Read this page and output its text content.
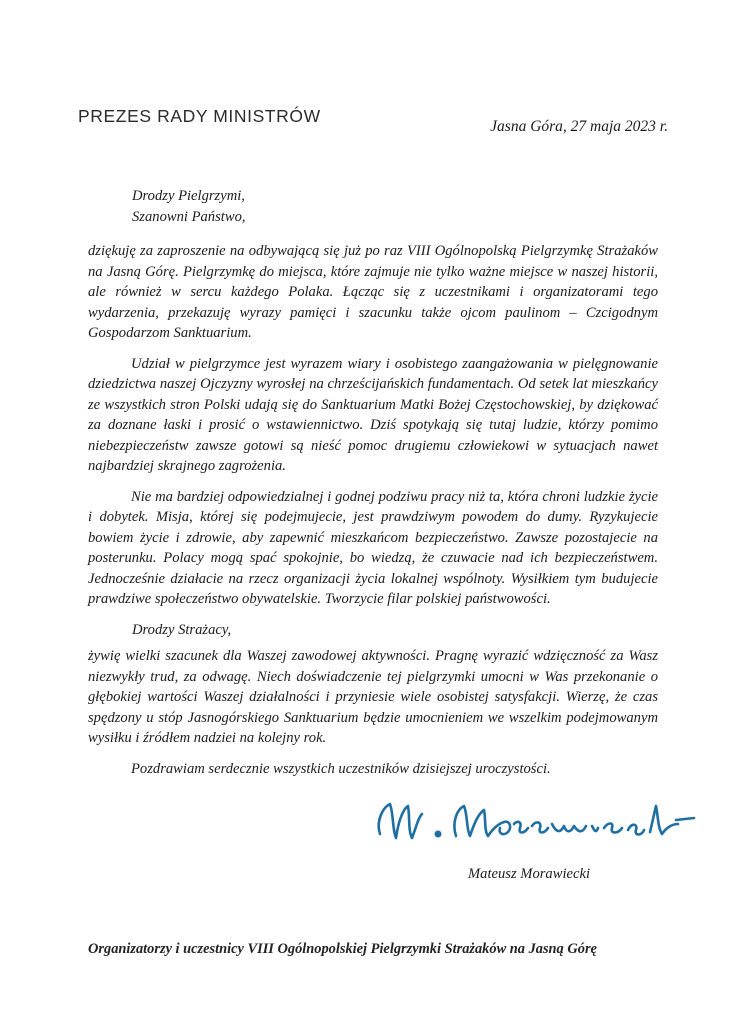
PREZES RADY MINISTRÓW
Jasna Góra, 27 maja 2023 r.

Drodzy Pielgrzymi,

Szanowni Państwo,

dziękuję za zaproszenie na odbywającą się już po raz VIII Ogólnopolską Pielgrzymkę Strażaków na Jasną Górę. Pielgrzymkę do miejsca, które zajmuje nie tylko ważne miejsce w naszej historii, ale również w sercu każdego Polaka. Łącząc się z uczestnikami i organizatorami tego wydarzenia, przekazuję wyrazy pamięci i szacunku także ojcom paulinom – Czcigodnym Gospodarzom Sanktuarium.

Udział w pielgrzymce jest wyrazem wiary i osobistego zaangażowania w pielęgnowanie dziedzictwa naszej Ojczyzny wyrosłej na chrześcijańskich fundamentach. Od setek lat mieszkańcy ze wszystkich stron Polski udają się do Sanktuarium Matki Bożej Częstochowskiej, by dziękować za doznane łaski i prosić o wstawiennictwo. Dziś spotykają się tutaj ludzie, którzy pomimo niebezpieczeństw zawsze gotowi są nieść pomoc drugiemu człowiekowi w sytuacjach nawet najbardziej skrajnego zagrożenia.

Nie ma bardziej odpowiedzialnej i godnej podziwu pracy niż ta, która chroni ludzkie życie i dobytek. Misja, której się podejmujecie, jest prawdziwym powodem do dumy. Ryzykujecie bowiem życie i zdrowie, aby zapewnić mieszkańcom bezpieczeństwo. Zawsze pozostajecie na posterunku. Polacy mogą spać spokojnie, bo wiedzą, że czuwacie nad ich bezpieczeństwem. Jednocześnie działacie na rzecz organizacji życia lokalnej wspólnoty. Wysiłkiem tym budujecie prawdziwe społeczeństwo obywatelskie. Tworzycie filar polskiej państwowości.

Drodzy Strażacy,

żywię wielki szacunek dla Waszej zawodowej aktywności. Pragnę wyrazić wdzięczność za Wasz niezwykły trud, za odwagę. Niech doświadczenie tej pielgrzymki umocni w Was przekonanie o głębokiej wartości Waszej działalności i przyniesie wiele osobistej satysfakcji. Wierzę, że czas spędzony u stóp Jasnogórskiego Sanktuarium będzie umocnieniem we wszelkim podejmowanym wysiłku i źródłem nadziei na kolejny rok.

Pozdrawiam serdecznie wszystkich uczestników dzisiejszej uroczystości.

Mateusz Morawiecki
Organizatorzy i uczestnicy VIII Ogólnopolskiej Pielgrzymki Strażaków na Jasną Górę
